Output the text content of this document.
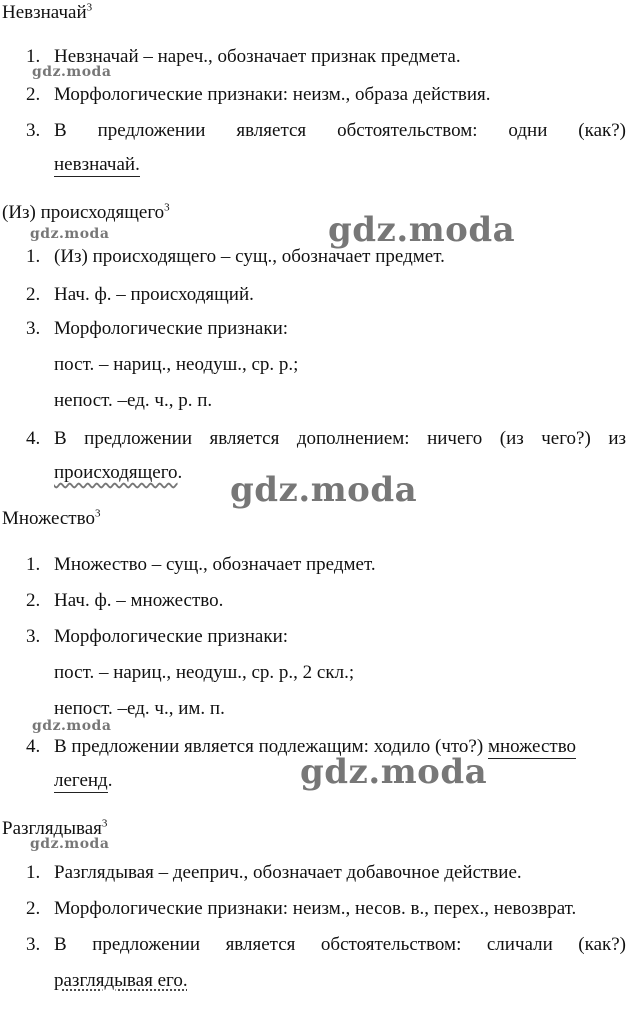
Невзначай$^3$
1. Невзначай – нареч., обозначает признак предмета.
2. Морфологические признаки: неизм., образа действия.
3. В предложении является обстоятельством: одни (как?)
невзначай.
(Из) происходящего$^3$
1. (Из) происходящего – сущ., обозначает предмет.
2. Нач. ф. – происходящий.
3. Морфологические признаки:
пост. – нариц., неодуш., ср. р.;
непост. –ед. ч., р. п.
4. В предложении является дополнением: ничего (из чего?) из
происходящего.
Множество$^3$
1. Множество – сущ., обозначает предмет.
2. Нач. ф. – множество.
3. Морфологические признаки:
пост. – нариц., неодуш., ср. р., 2 скл.;
непост. –ед. ч., им. п.
4. В предложении является подлежащим: ходило (что?) множество
легенд.
Разглядывая$^3$
1. Разглядывая – дееприч., обозначает добавочное действие.
2. Морфологические признаки: неизм., несов. в., перех., невозврат.
3. В предложении является обстоятельством: сличали (как?)
разглядывая его.
gdz.moda
gdz.moda
gdz.moda
gdz.moda
gdz.moda
gdz.moda
gdz.moda
